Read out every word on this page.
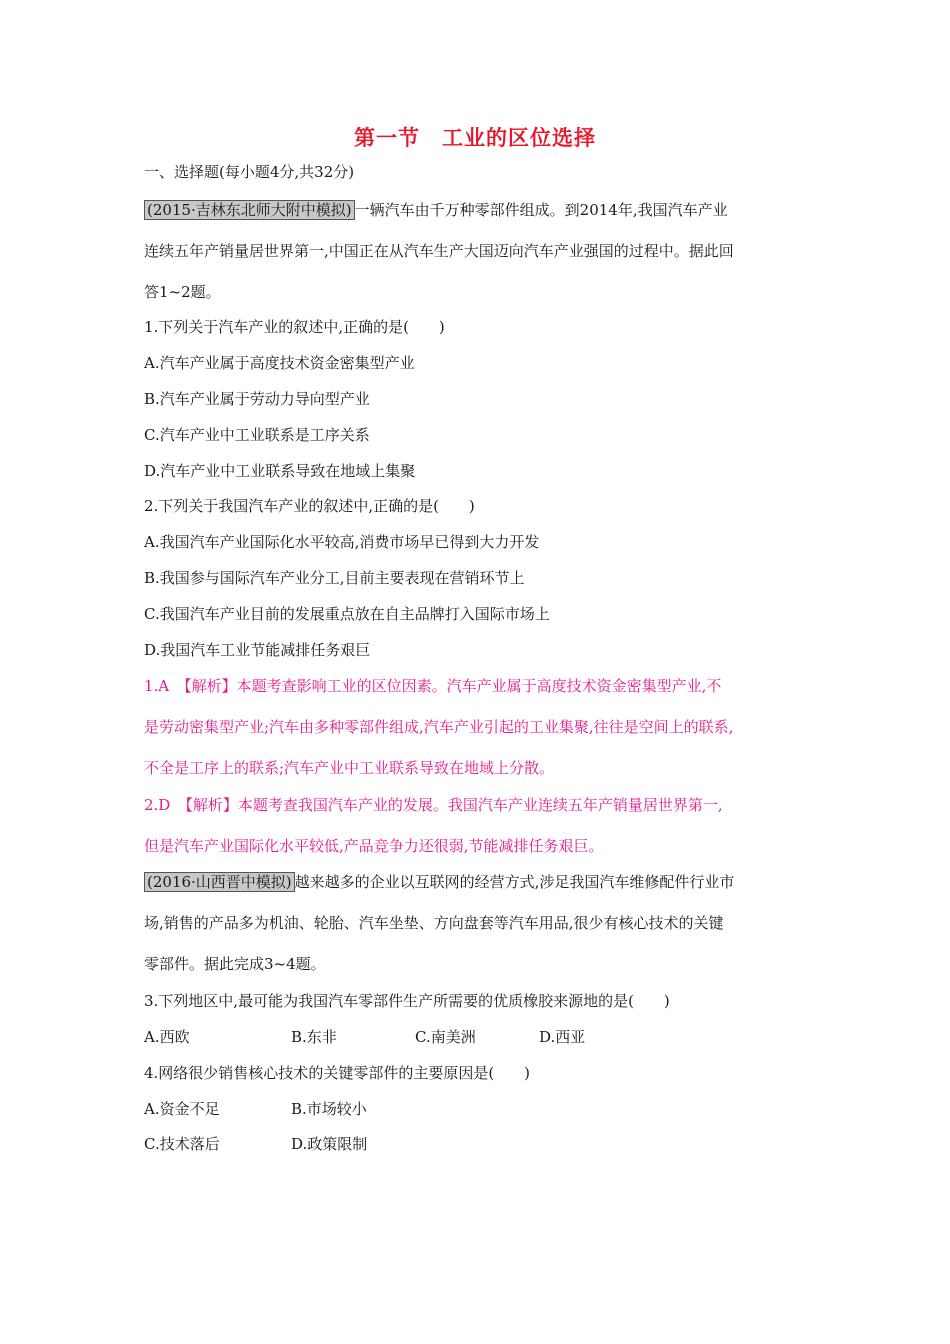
第一节　工业的区位选择
一、选择题(每小题4分,共32分)
(2015·吉林东北师大附中模拟) 一辆汽车由千万种零部件组成。到2014年,我国汽车产业
连续五年产销量居世界第一,中国正在从汽车生产大国迈向汽车产业强国的过程中。据此回
答1~2题。
1.下列关于汽车产业的叙述中,正确的是(　　)
A.汽车产业属于高度技术资金密集型产业
B.汽车产业属于劳动力导向型产业
C.汽车产业中工业联系是工序关系
D.汽车产业中工业联系导致在地域上集聚
2.下列关于我国汽车产业的叙述中,正确的是(　　)
A.我国汽车产业国际化水平较高,消费市场早已得到大力开发
B.我国参与国际汽车产业分工,目前主要表现在营销环节上
C.我国汽车产业目前的发展重点放在自主品牌打入国际市场上
D.我国汽车工业节能减排任务艰巨
1.A　【解析】本题考查影响工业的区位因素。汽车产业属于高度技术资金密集型产业,不
是劳动密集型产业;汽车由多种零部件组成,汽车产业引起的工业集聚,往往是空间上的联系,
不全是工序上的联系;汽车产业中工业联系导致在地域上分散。
2.D　【解析】本题考查我国汽车产业的发展。我国汽车产业连续五年产销量居世界第一,
但是汽车产业国际化水平较低,产品竞争力还很弱,节能减排任务艰巨。
(2016·山西晋中模拟) 越来越多的企业以互联网的经营方式,涉足我国汽车维修配件行业市
场,销售的产品多为机油、轮胎、汽车坐垫、方向盘套等汽车用品,很少有核心技术的关键
零部件。据此完成3~4题。
3.下列地区中,最可能为我国汽车零部件生产所需要的优质橡胶来源地的是(　　)
A.西欧	B.东非	C.南美洲	D.西亚
4.网络很少销售核心技术的关键零部件的主要原因是(　　)
A.资金不足	B.市场较小
C.技术落后	D.政策限制
